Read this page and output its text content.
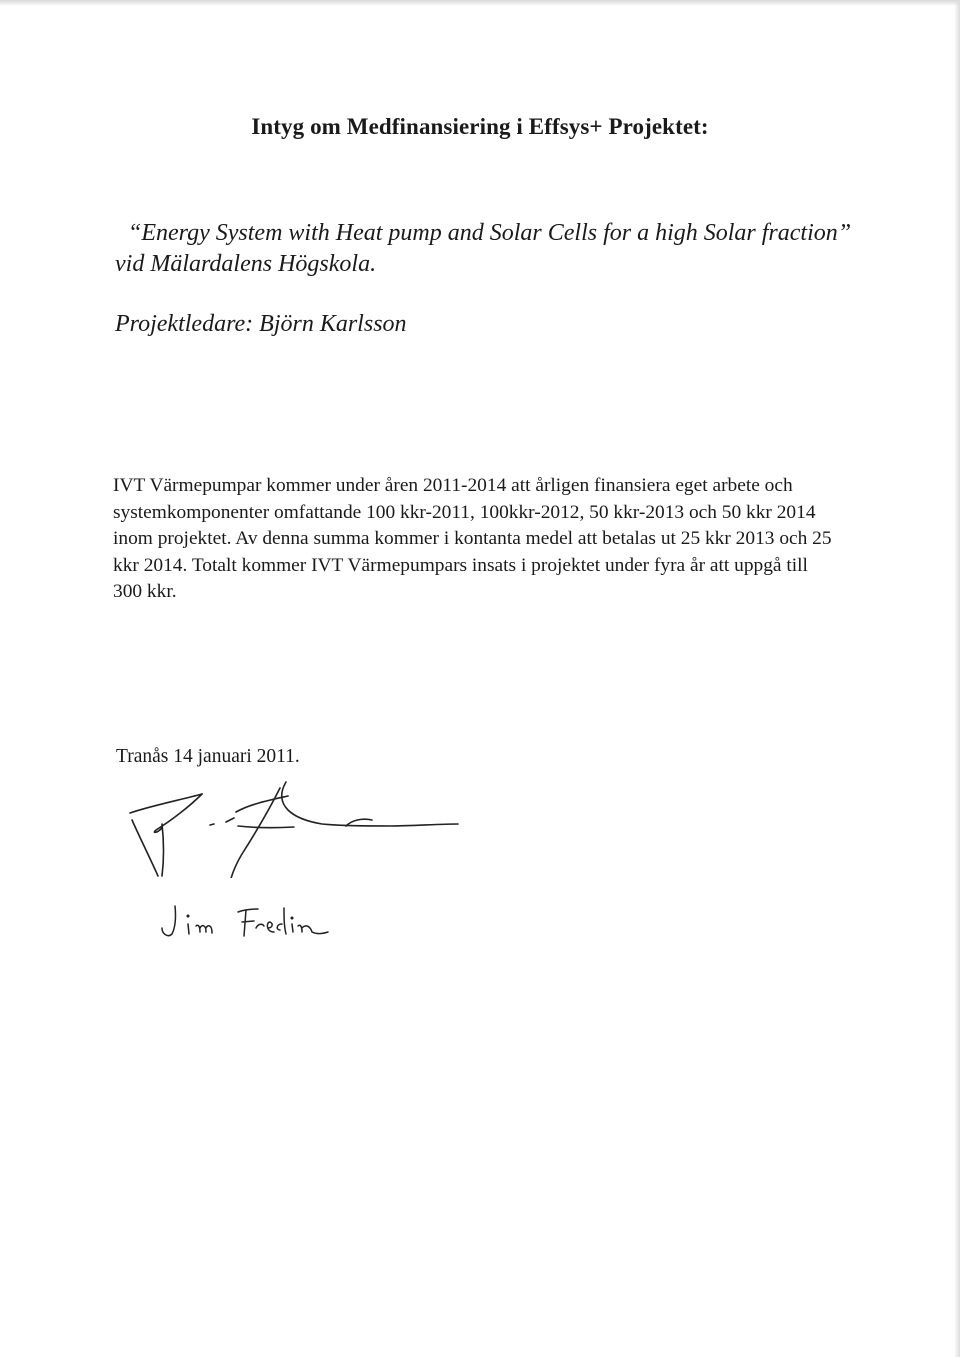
Intyg om Medfinansiering i Effsys+ Projektet:
“Energy System with Heat pump and Solar Cells for a high Solar fraction”
vid Mälardalens Högskola.
Projektledare: Björn Karlsson
IVT Värmepumpar kommer under åren 2011-2014 att årligen finansiera eget arbete och
systemkomponenter omfattande 100 kkr-2011, 100kkr-2012, 50 kkr-2013 och 50 kkr 2014
inom projektet. Av denna summa kommer i kontanta medel att betalas ut 25 kkr 2013 och 25
kkr 2014. Totalt kommer IVT Värmepumpars insats i projektet under fyra år att uppgå till
300 kkr.
Tranås 14 januari 2011.
